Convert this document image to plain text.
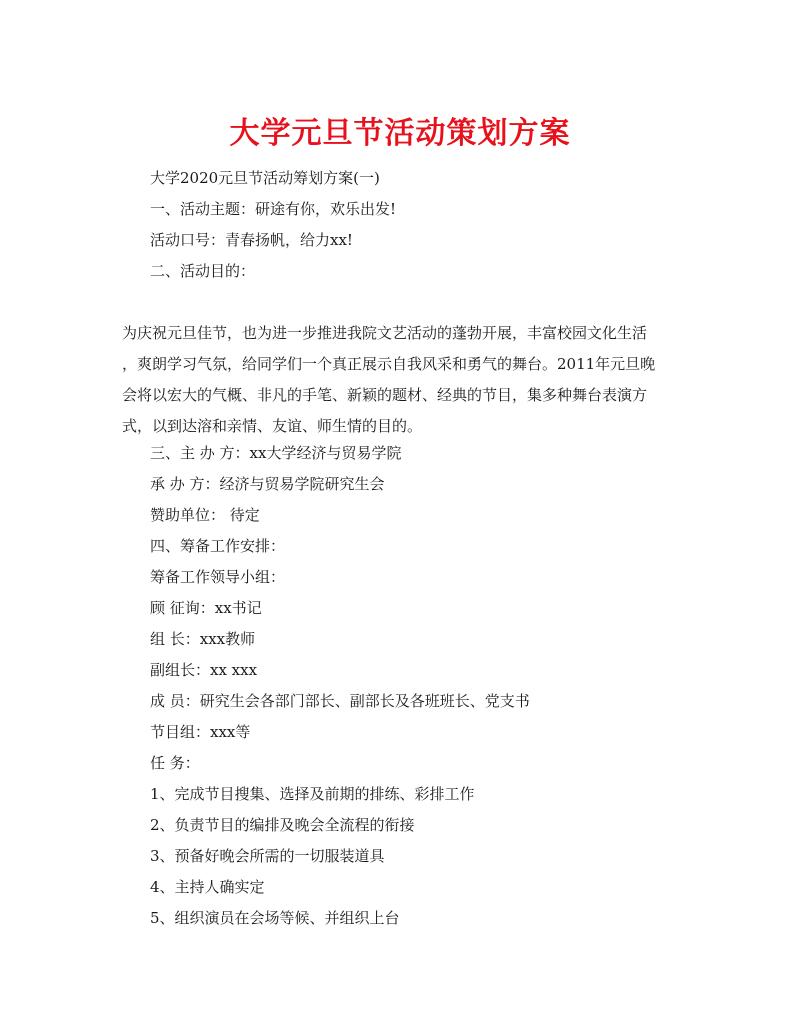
大学元旦节活动策划方案
大学2020元旦节活动筹划方案(一)
一、活动主题：研途有你，欢乐出发!
活动口号：青春扬帆，给力xx!
二、活动目的：
为庆祝元旦佳节，也为进一步推进我院文艺活动的蓬勃开展，丰富校园文化生活
，爽朗学习气氛，给同学们一个真正展示自我风采和勇气的舞台。2011年元旦晚
会将以宏大的气概、非凡的手笔、新颖的题材、经典的节目，集多种舞台表演方
式，以到达溶和亲情、友谊、师生情的目的。
三、主 办 方：xx大学经济与贸易学院
承 办 方：经济与贸易学院研究生会
赞助单位： 待定
四、筹备工作安排：
筹备工作领导小组：
顾 征询：xx书记
组 长：xxx教师
副组长：xx xxx
成 员：研究生会各部门部长、副部长及各班班长、党支书
节目组：xxx等
任 务：
1、完成节目搜集、选择及前期的排练、彩排工作
2、负责节目的编排及晚会全流程的衔接
3、预备好晚会所需的一切服装道具
4、主持人确实定
5、组织演员在会场等候、并组织上台
